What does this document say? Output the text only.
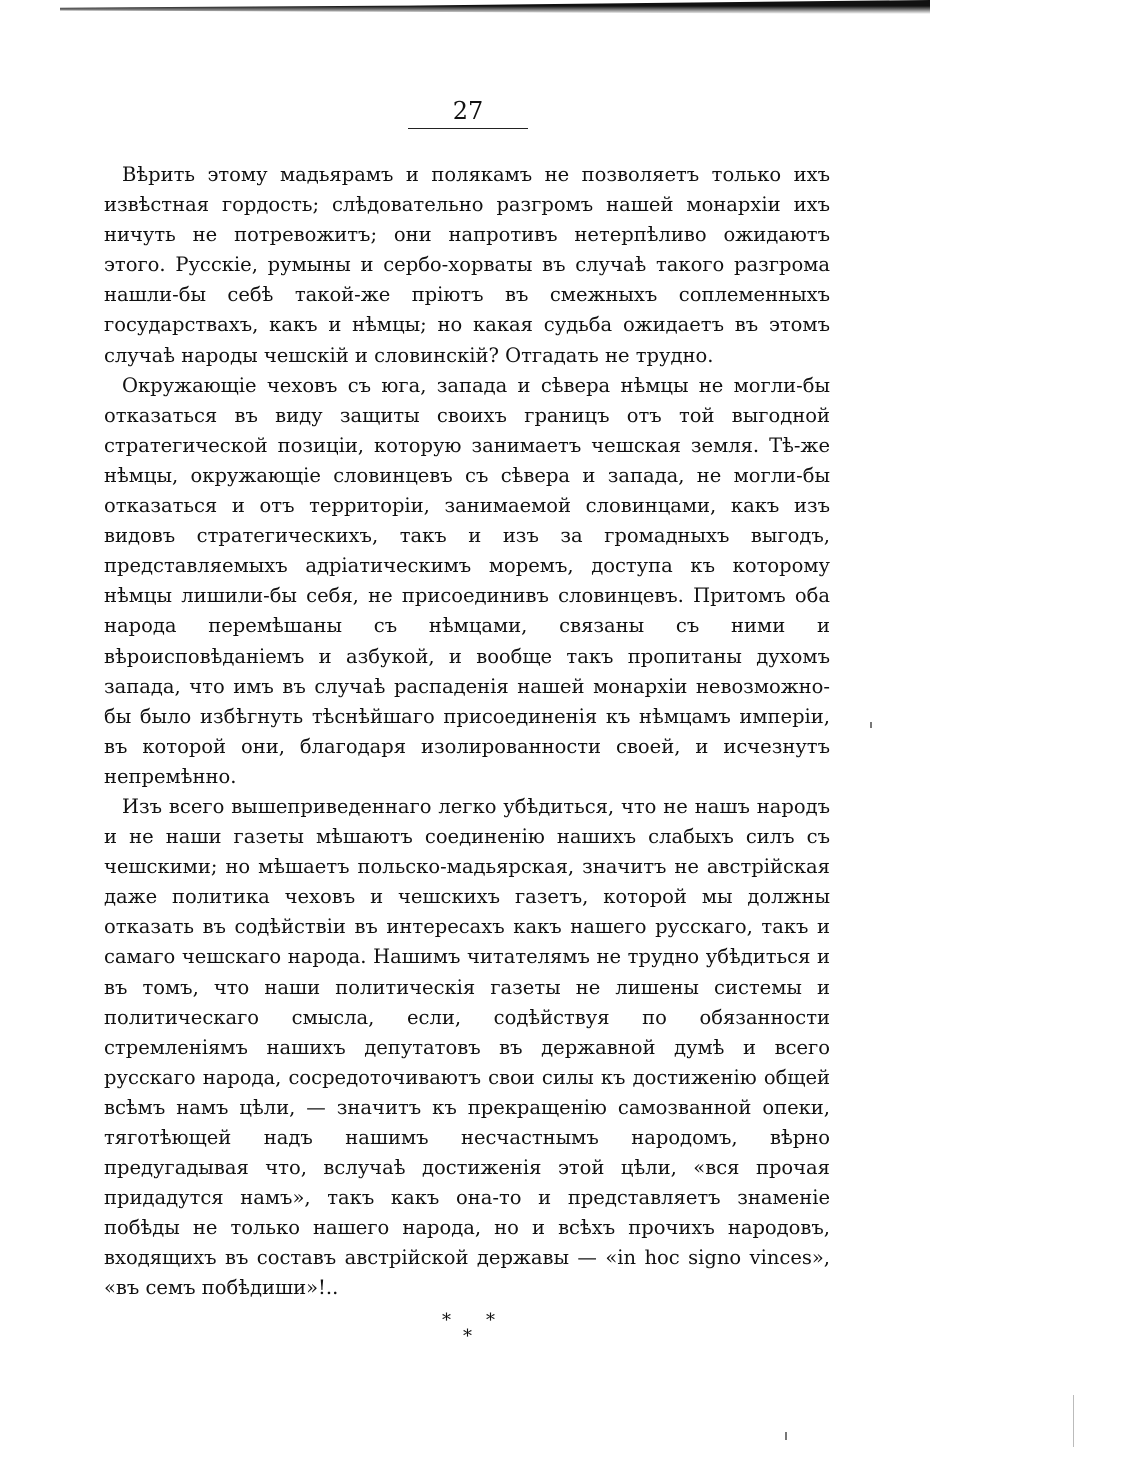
27

Вѣрить этому мадьярамъ и полякамъ не позволяетъ только ихъ извѣстная гордость; слѣдовательно разгромъ нашей монархіи ихъ ничуть не потревожитъ; они напротивъ нетерпѣливо ожидаютъ этого. Русскіе, румыны и сербо-хорваты въ случаѣ такого разгрома нашли-бы себѣ такой-же пріютъ въ смежныхъ соплеменныхъ государствахъ, какъ и нѣмцы; но какая судьба ожидаетъ въ этомъ случаѣ народы чешскій и словинскій? Отгадать не трудно.

Окружающіе чеховъ съ юга, запада и сѣвера нѣмцы не могли-бы отказаться въ виду защиты своихъ границъ отъ той выгодной стратегической позиціи, которую занимаетъ чешская земля. Тѣ-же нѣмцы, окружающіе словинцевъ съ сѣвера и запада, не могли-бы отказаться и отъ территоріи, занимаемой словинцами, какъ изъ видовъ стратегическихъ, такъ и изъ за громадныхъ выгодъ, представляемыхъ адріатическимъ моремъ, доступа къ которому нѣмцы лишили-бы себя, не присоединивъ словинцевъ. Притомъ оба народа перемѣшаны съ нѣмцами, связаны съ ними и вѣроисповѣданіемъ и азбукой, и вообще такъ пропитаны духомъ запада, что имъ въ случаѣ распаденія нашей монархіи невозможно-бы было избѣгнуть тѣснѣйшаго присоединенія къ нѣмцамъ имперіи, въ которой они, благодаря изолированности своей, и исчезнутъ непремѣнно.

Изъ всего вышеприведеннаго легко убѣдиться, что не нашъ народъ и не наши газеты мѣшаютъ соединенію нашихъ слабыхъ силъ съ чешскими; но мѣшаетъ польско-мадьярская, значитъ не австрійская даже политика чеховъ и чешскихъ газетъ, которой мы должны отказать въ содѣйствіи въ интересахъ какъ нашего русскаго, такъ и самаго чешскаго народа. Нашимъ читателямъ не трудно убѣдиться и въ томъ, что наши политическія газеты не лишены системы и политическаго смысла, если, содѣйствуя по обязанности стремленіямъ нашихъ депутатовъ въ державной думѣ и всего русскаго народа, сосредоточиваютъ свои силы къ достиженію общей всѣмъ намъ цѣли, — значитъ къ прекращенію самозванной опеки, тяготѣющей надъ нашимъ несчастнымъ народомъ, вѣрно предугадывая что, вслучаѣ достиженія этой цѣли, «вся прочая придадутся намъ», такъ какъ она-то и представляетъ знаменіе побѣды не только нашего народа, но и всѣхъ прочихъ народовъ, входящихъ въ составъ австрійской державы — «in hoc signo vinces», «въ семъ побѣдиши»!..

* *
*
